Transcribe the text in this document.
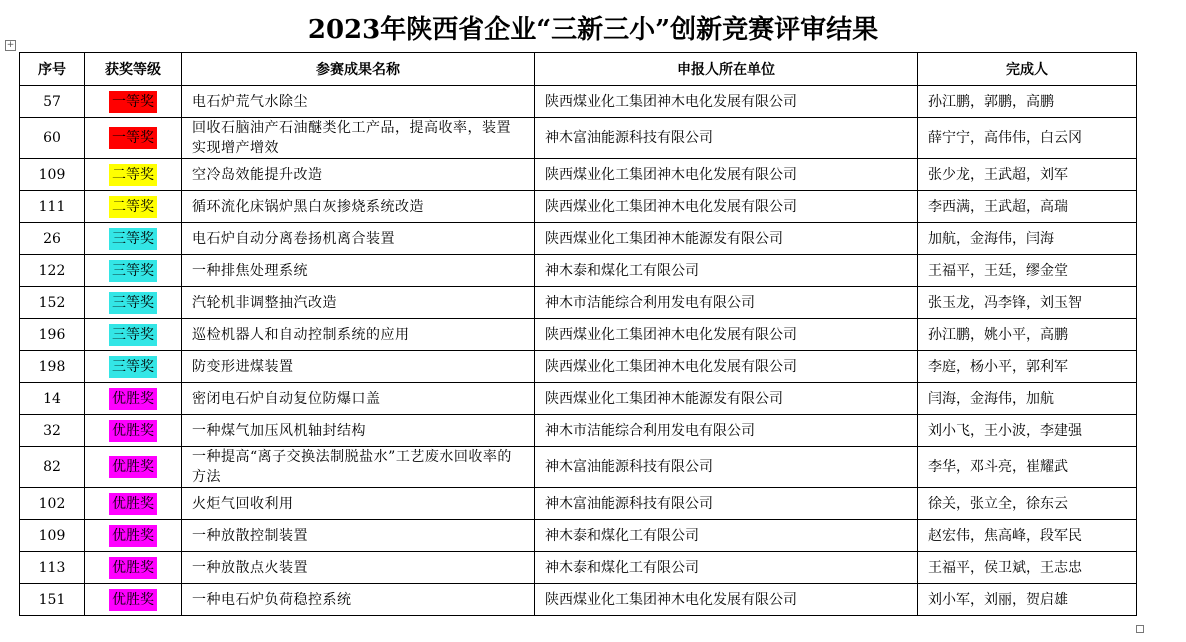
2023年陕西省企业“三新三小”创新竞赛评审结果
+
序号	获奖等级	参赛成果名称	申报人所在单位	完成人
57	一等奖	电石炉荒气水除尘	陕西煤业化工集团神木电化发展有限公司	孙江鹏，郭鹏，高鹏
60	一等奖	回收石脑油产石油醚类化工产品，提高收率，装置实现增产增效	神木富油能源科技有限公司	薛宁宁，高伟伟，白云冈
109	二等奖	空冷岛效能提升改造	陕西煤业化工集团神木电化发展有限公司	张少龙，王武超，刘军
111	二等奖	循环流化床锅炉黑白灰掺烧系统改造	陕西煤业化工集团神木电化发展有限公司	李西满，王武超，高瑞
26	三等奖	电石炉自动分离卷扬机离合装置	陕西煤业化工集团神木能源发有限公司	加航，金海伟，闫海
122	三等奖	一种排焦处理系统	神木泰和煤化工有限公司	王福平，王廷，缪金堂
152	三等奖	汽轮机非调整抽汽改造	神木市洁能综合利用发电有限公司	张玉龙，冯李锋，刘玉智
196	三等奖	巡检机器人和自动控制系统的应用	陕西煤业化工集团神木电化发展有限公司	孙江鹏，姚小平，高鹏
198	三等奖	防变形进煤装置	陕西煤业化工集团神木电化发展有限公司	李庭，杨小平，郭利军
14	优胜奖	密闭电石炉自动复位防爆口盖	陕西煤业化工集团神木能源发有限公司	闫海，金海伟，加航
32	优胜奖	一种煤气加压风机轴封结构	神木市洁能综合利用发电有限公司	刘小飞，王小波，李建强
82	优胜奖	一种提高“离子交换法制脱盐水”工艺废水回收率的方法	神木富油能源科技有限公司	李华，邓斗亮，崔耀武
102	优胜奖	火炬气回收利用	神木富油能源科技有限公司	徐关，张立全，徐东云
109	优胜奖	一种放散控制装置	神木泰和煤化工有限公司	赵宏伟，焦高峰，段军民
113	优胜奖	一种放散点火装置	神木泰和煤化工有限公司	王福平，侯卫斌，王志忠
151	优胜奖	一种电石炉负荷稳控系统	陕西煤业化工集团神木电化发展有限公司	刘小军，刘丽，贺启雄
